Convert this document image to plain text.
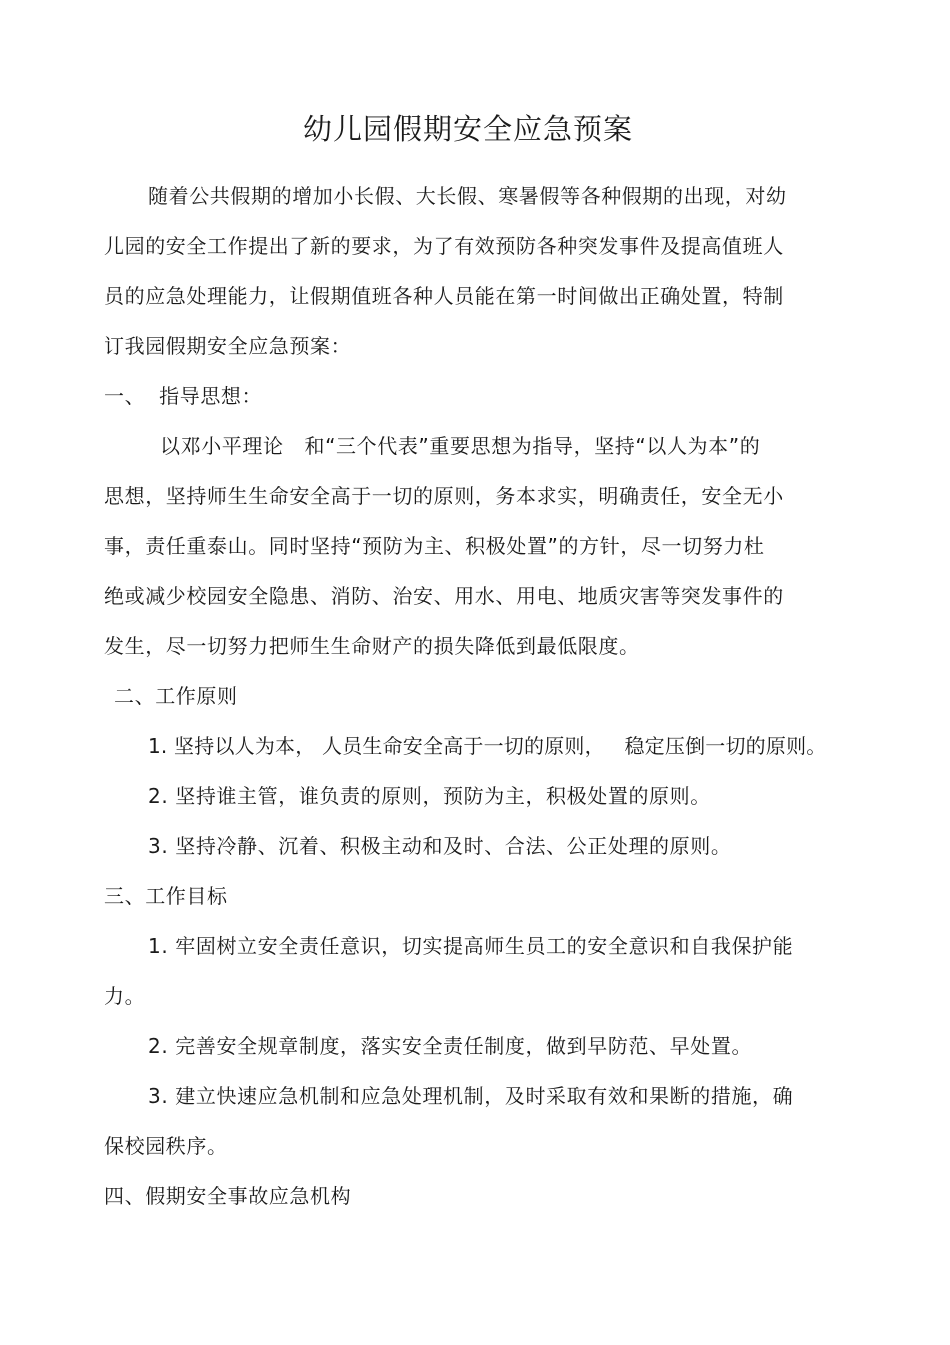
幼儿园假期安全应急预案
随着公共假期的增加小长假、大长假、寒暑假等各种假期的出现，对幼
儿园的安全工作提出了新的要求，为了有效预防各种突发事件及提高值班人
员的应急处理能力，让假期值班各种人员能在第一时间做出正确处置，特制
订我园假期安全应急预案：
一、  指导思想：
以邓小平理论   和“三个代表”重要思想为指导，坚持“以人为本”的
思想，坚持师生生命安全高于一切的原则，务本求实，明确责任，安全无小
事，责任重泰山。同时坚持“预防为主、积极处置”的方针，尽一切努力杜
绝或减少校园安全隐患、消防、治安、用水、用电、地质灾害等突发事件的
发生，尽一切努力把师生生命财产的损失降低到最低限度。
二、工作原则
1. 坚持以人为本， 人员生命安全高于一切的原则，   稳定压倒一切的原则。
2. 坚持谁主管，谁负责的原则，预防为主，积极处置的原则。
3. 坚持冷静、沉着、积极主动和及时、合法、公正处理的原则。
三、工作目标
1. 牢固树立安全责任意识，切实提高师生员工的安全意识和自我保护能
力。
2. 完善安全规章制度，落实安全责任制度，做到早防范、早处置。
3. 建立快速应急机制和应急处理机制，及时采取有效和果断的措施，确
保校园秩序。
四、假期安全事故应急机构
